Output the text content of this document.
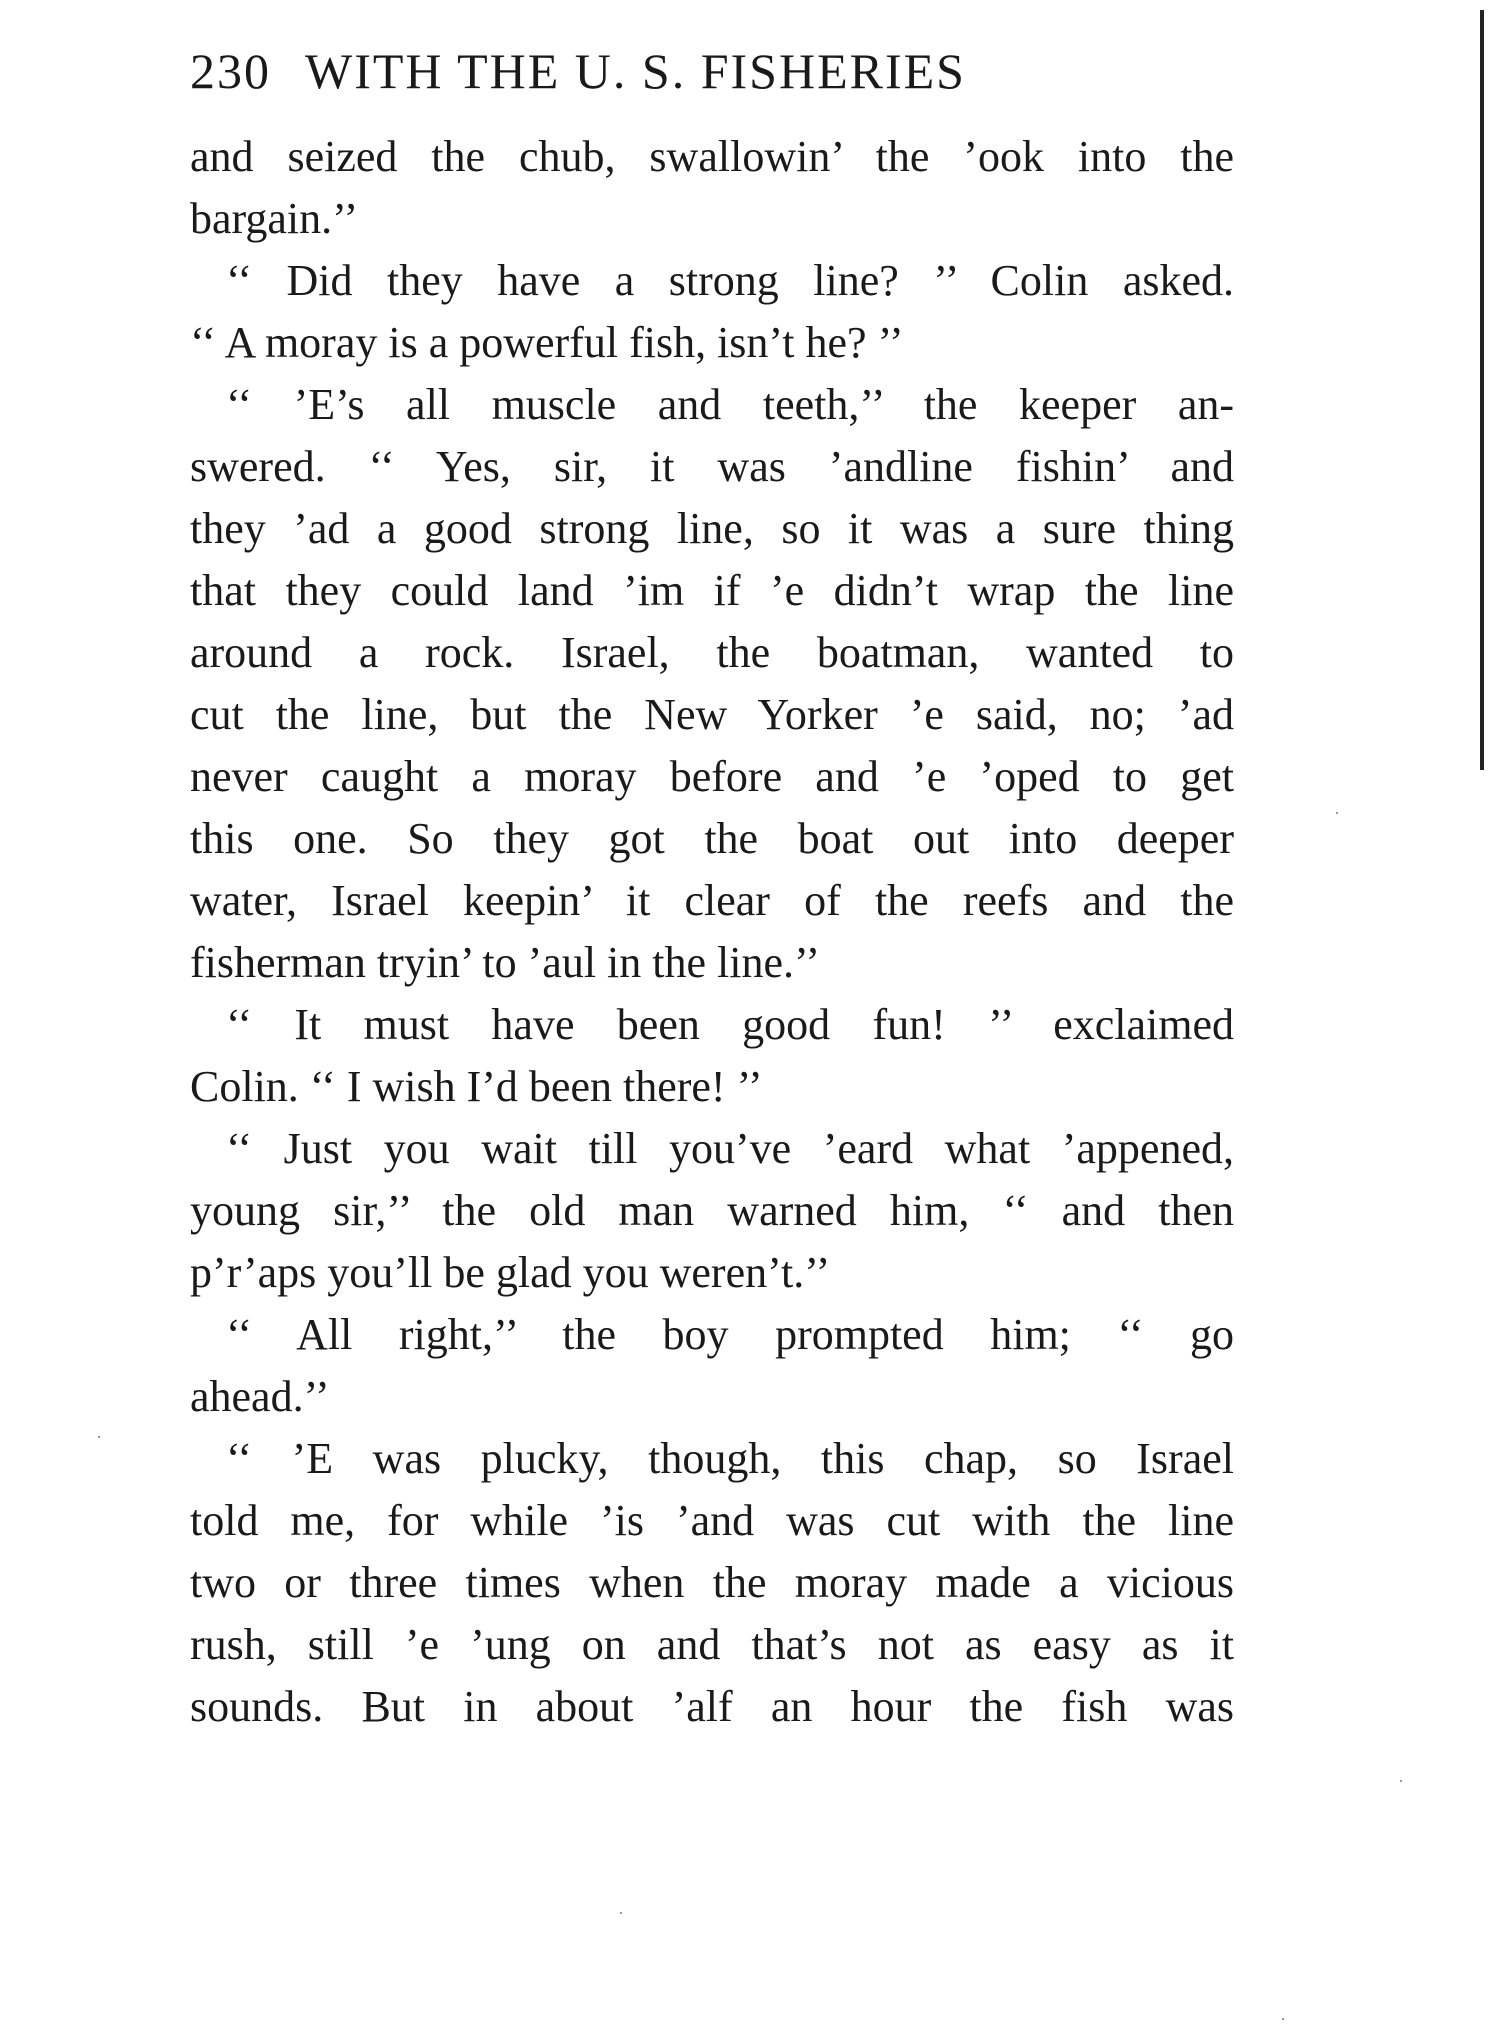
230 WITH THE U. S. FISHERIES
and seized the chub, swallowin’ the ’ook into the
bargain.’’
‘‘ Did they have a strong line? ’’ Colin asked.
‘‘ A moray is a powerful fish, isn’t he? ’’
‘‘ ’E’s all muscle and teeth,’’ the keeper an-
swered. ‘‘ Yes, sir, it was ’andline fishin’ and
they ’ad a good strong line, so it was a sure thing
that they could land ’im if ’e didn’t wrap the line
around a rock. Israel, the boatman, wanted to
cut the line, but the New Yorker ’e said, no; ’ad
never caught a moray before and ’e ’oped to get
this one. So they got the boat out into deeper
water, Israel keepin’ it clear of the reefs and the
fisherman tryin’ to ’aul in the line.’’
‘‘ It must have been good fun! ’’ exclaimed
Colin. ‘‘ I wish I’d been there! ’’
‘‘ Just you wait till you’ve ’eard what ’appened,
young sir,’’ the old man warned him, ‘‘ and then
p’r’aps you’ll be glad you weren’t.’’
‘‘ All right,’’ the boy prompted him; ‘‘ go
ahead.’’
‘‘ ’E was plucky, though, this chap, so Israel
told me, for while ’is ’and was cut with the line
two or three times when the moray made a vicious
rush, still ’e ’ung on and that’s not as easy as it
sounds. But in about ’alf an hour the fish was
